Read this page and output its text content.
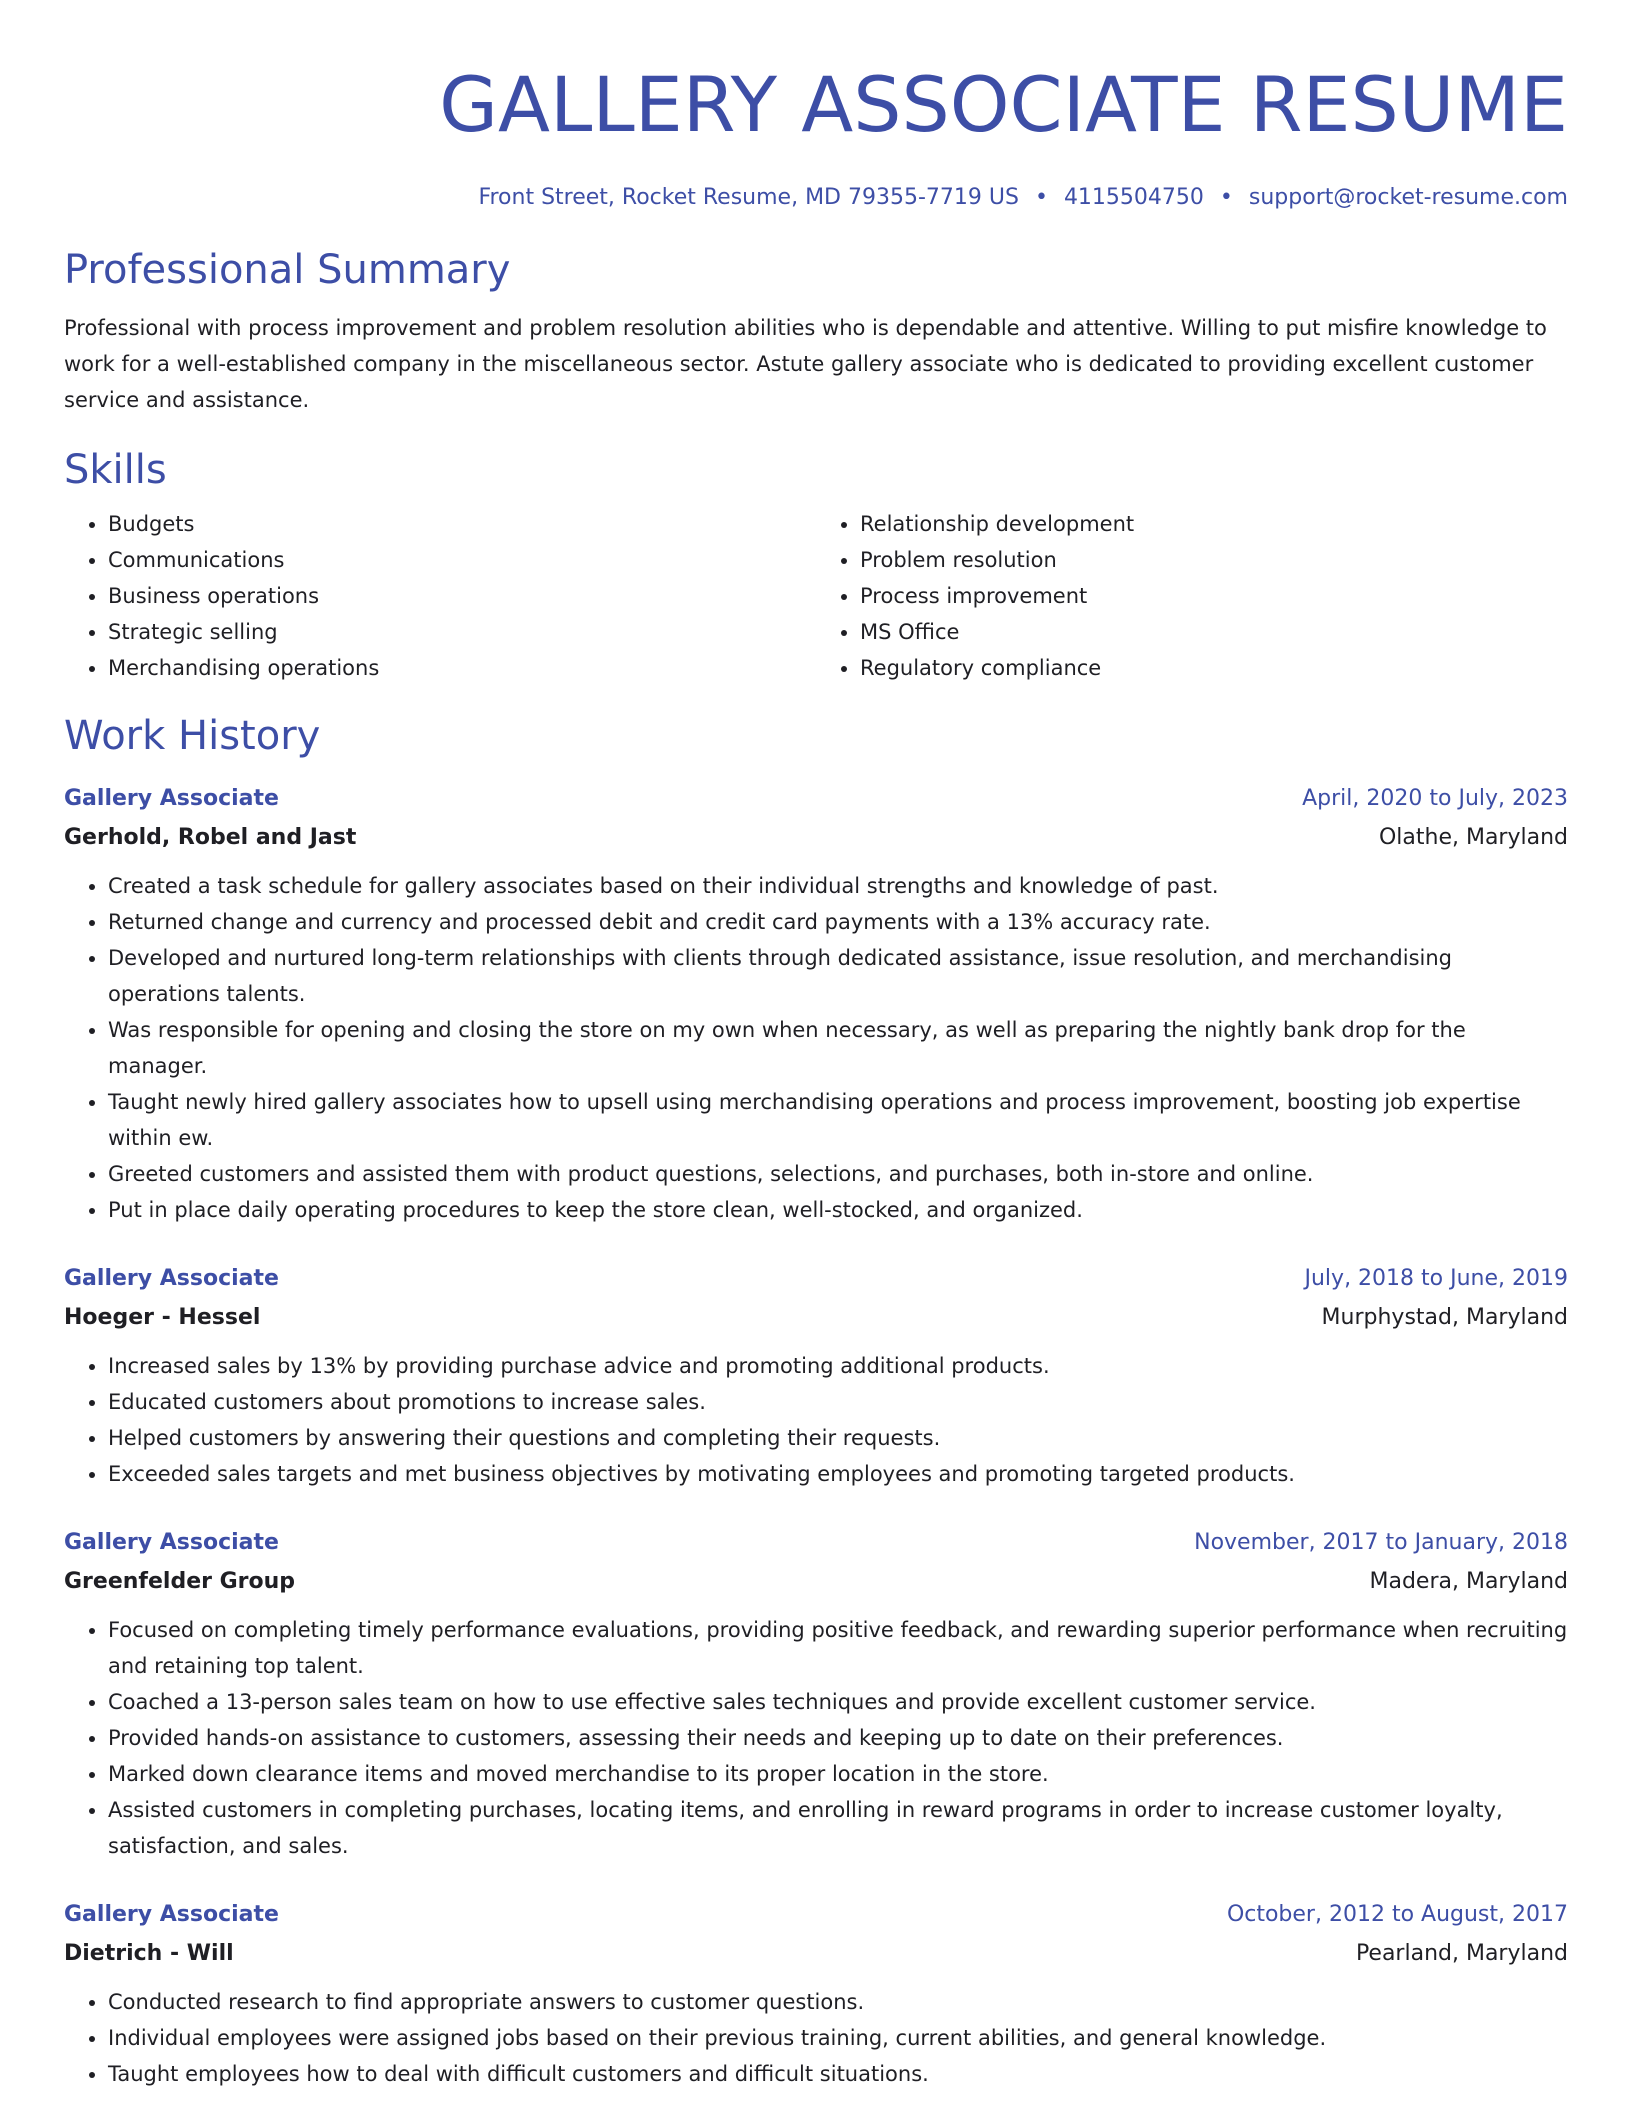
GALLERY ASSOCIATE RESUME
Front Street, Rocket Resume, MD 79355-7719 US • 4115504750 • support@rocket-resume.com
Professional Summary
Professional with process improvement and problem resolution abilities who is dependable and attentive. Willing to put misfire knowledge to work for a well-established company in the miscellaneous sector. Astute gallery associate who is dedicated to providing excellent customer service and assistance.
Skills
• Budgets
• Communications
• Business operations
• Strategic selling
• Merchandising operations
• Relationship development
• Problem resolution
• Process improvement
• MS Office
• Regulatory compliance
Work History
Gallery Associate	April, 2020 to July, 2023
Gerhold, Robel and Jast	Olathe, Maryland
• Created a task schedule for gallery associates based on their individual strengths and knowledge of past.
• Returned change and currency and processed debit and credit card payments with a 13% accuracy rate.
• Developed and nurtured long-term relationships with clients through dedicated assistance, issue resolution, and merchandising operations talents.
• Was responsible for opening and closing the store on my own when necessary, as well as preparing the nightly bank drop for the manager.
• Taught newly hired gallery associates how to upsell using merchandising operations and process improvement, boosting job expertise within ew.
• Greeted customers and assisted them with product questions, selections, and purchases, both in-store and online.
• Put in place daily operating procedures to keep the store clean, well-stocked, and organized.
Gallery Associate	July, 2018 to June, 2019
Hoeger - Hessel	Murphystad, Maryland
• Increased sales by 13% by providing purchase advice and promoting additional products.
• Educated customers about promotions to increase sales.
• Helped customers by answering their questions and completing their requests.
• Exceeded sales targets and met business objectives by motivating employees and promoting targeted products.
Gallery Associate	November, 2017 to January, 2018
Greenfelder Group	Madera, Maryland
• Focused on completing timely performance evaluations, providing positive feedback, and rewarding superior performance when recruiting and retaining top talent.
• Coached a 13-person sales team on how to use effective sales techniques and provide excellent customer service.
• Provided hands-on assistance to customers, assessing their needs and keeping up to date on their preferences.
• Marked down clearance items and moved merchandise to its proper location in the store.
• Assisted customers in completing purchases, locating items, and enrolling in reward programs in order to increase customer loyalty, satisfaction, and sales.
Gallery Associate	October, 2012 to August, 2017
Dietrich - Will	Pearland, Maryland
• Conducted research to find appropriate answers to customer questions.
• Individual employees were assigned jobs based on their previous training, current abilities, and general knowledge.
• Taught employees how to deal with difficult customers and difficult situations.
